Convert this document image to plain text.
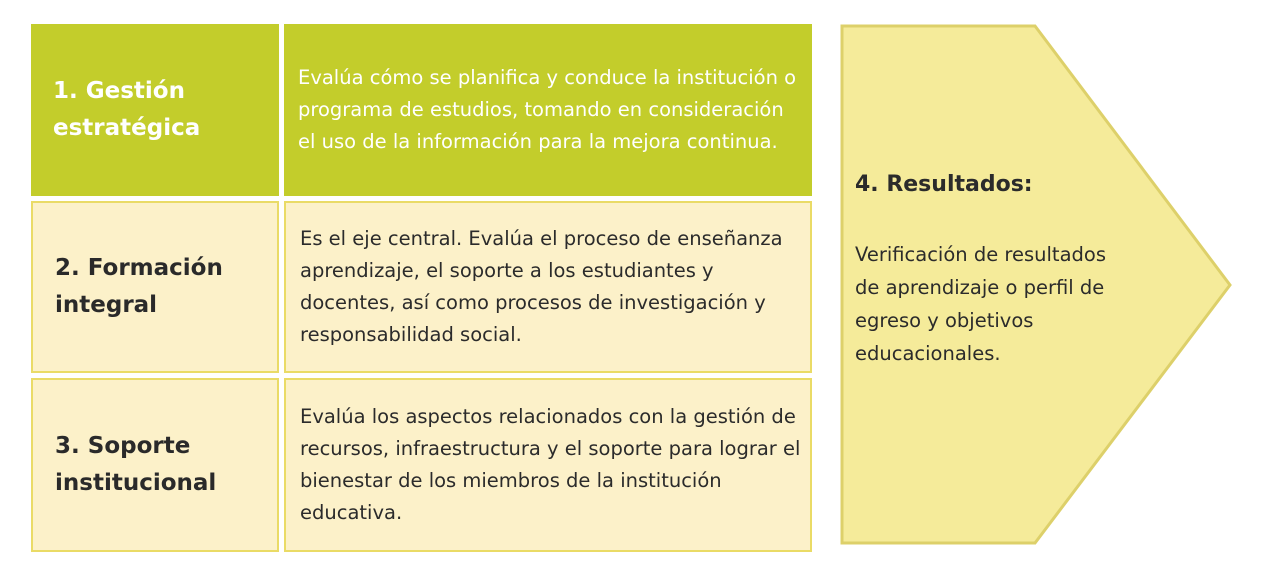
1. Gestión estratégica
Evalúa cómo se planifica y conduce la institución o programa de estudios, tomando en consideración el uso de la información para la mejora continua.
2. Formación integral
Es el eje central. Evalúa el proceso de enseñanza aprendizaje, el soporte a los estudiantes y docentes, así como procesos de investigación y responsabilidad social.
3. Soporte institucional
Evalúa los aspectos relacionados con la gestión de recursos, infraestructura y el soporte para lograr el bienestar de los miembros de la institución educativa.
4. Resultados:
Verificación de resultados de aprendizaje o perfil de egreso y objetivos educacionales.
